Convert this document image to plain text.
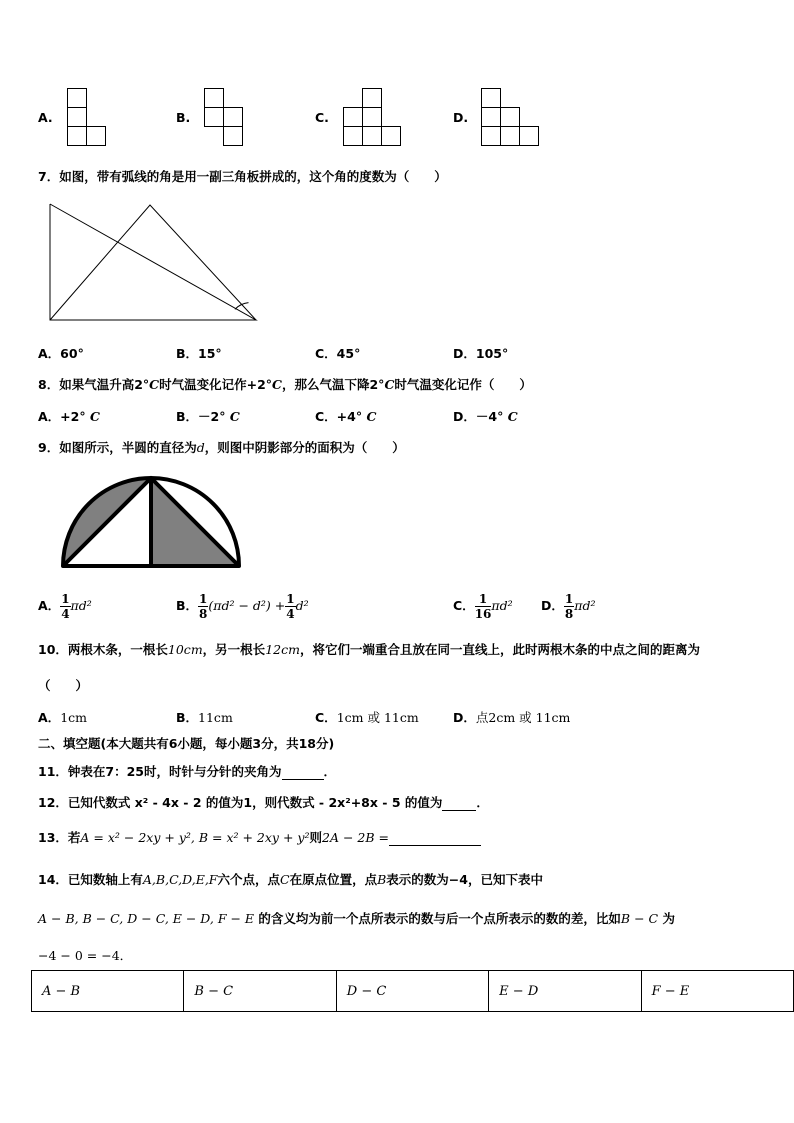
A.	B.	C.	D.
7．如图，带有弧线的角是用一副三角板拼成的，这个角的度数为（　　）
A．60°	B．15°	C．45°	D．105°
8．如果气温升高2°C时气温变化记作+2°C，那么气温下降2°C时气温变化记作（　　）
A．+2° C	B．－2° C	C．+4° C	D．－4° C
9．如图所示，半圆的直径为d，则图中阴影部分的面积为（　　）
A． $\frac{1}{4} \pi d^2$	B． $\frac{1}{8} (\pi d^2 - d^2) + \frac{1}{4} d^2$	C． $\frac{1}{16} \pi d^2$ D． $\frac{1}{8} \pi d^2$
10．两根木条，一根长10cm，另一根长12cm，将它们一端重合且放在同一直线上，此时两根木条的中点之间的距离为
（　　）
A．1cm	B．11cm	C．1cm 或 11cm	D．点2cm 或 11cm
二、填空题(本大题共有6小题，每小题3分，共18分)
11．钟表在7：25时，时针与分针的夹角为	．
12．已知代数式 x² - 4x - 2 的值为1，则代数式 - 2x²+8x - 5 的值为	．
13．若A = x² − 2xy + y², B = x² + 2xy + y²则2A − 2B =
14．已知数轴上有A,B,C,D,E,F六个点，点C在原点位置，点B表示的数为−4，已知下表中
A − B, B − C, D − C, E − D, F − E 的含义均为前一个点所表示的数与后一个点所表示的数的差，比如B − C 为
−4 − 0 = −4．
A − B	B − C	D − C	E − D	F − E
